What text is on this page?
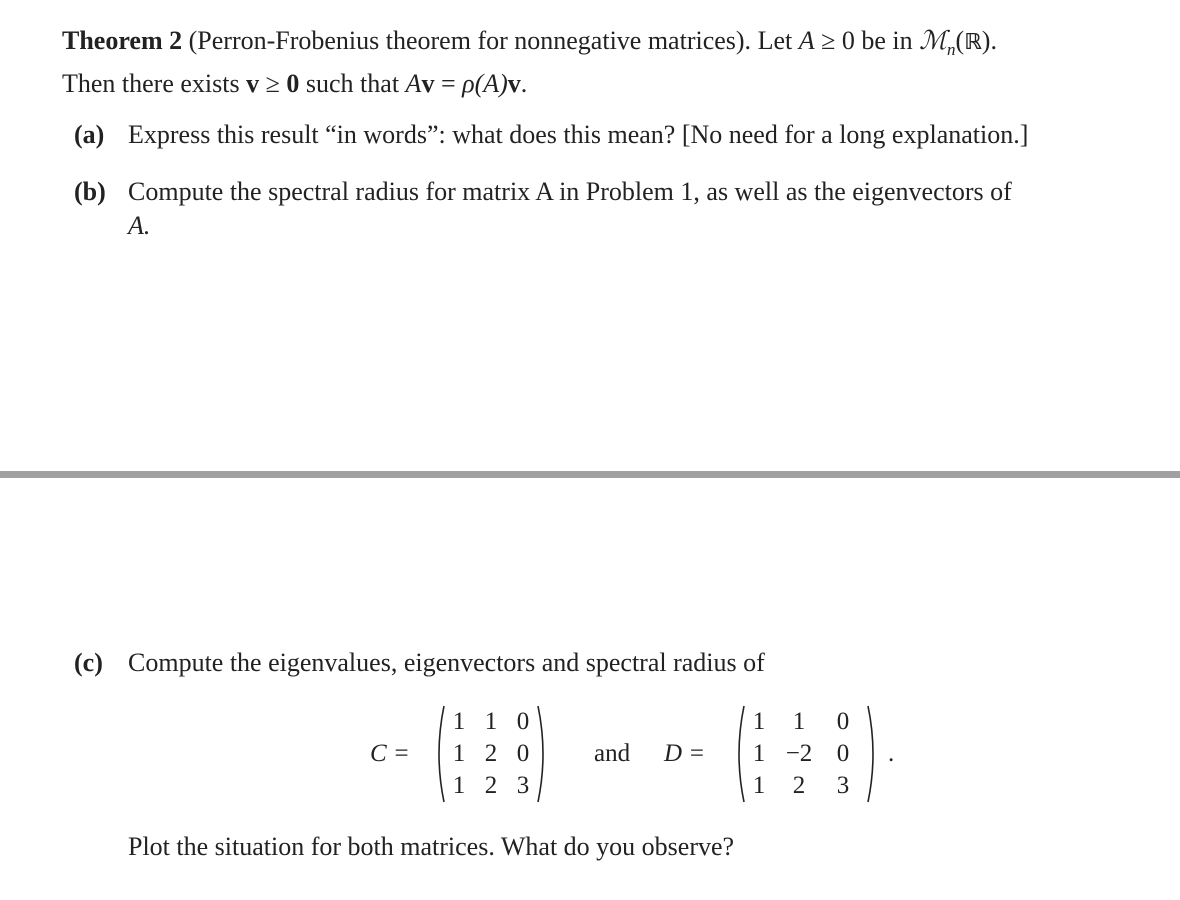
Theorem 2 (Perron-Frobenius theorem for nonnegative matrices). Let A ≥ 0 be in ℳ$_n$(ℝ).
Then there exists v ≥ 0 such that Av = ρ(A)v.
(a) Express this result “in words”: what does this mean? [No need for a long explanation.]
(b) Compute the spectral radius for matrix A in Problem 1, as well as the eigenvectors of
A.
(c) Compute the eigenvalues, eigenvectors and spectral radius of
C =
1 1 0
1 2 0
1 2 3
and D =
1	1	0
1 −2 0
1	2	3
.
Plot the situation for both matrices. What do you observe?
